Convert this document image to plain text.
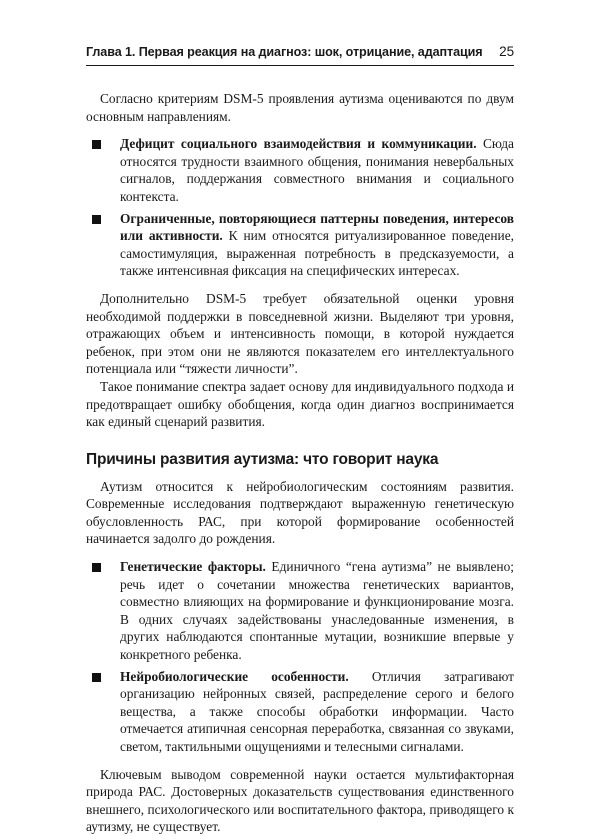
Глава 1. Первая реакция на диагноз: шок, отрицание, адаптация 25

Согласно критериям DSM-5 проявления аутизма оцениваются по двум основным направлениям.

Дефицит социального взаимодействия и коммуникации. Сюда относятся трудности взаимного общения, понимания невербальных сигналов, поддержания совместного внимания и социального контекста.
Ограниченные, повторяющиеся паттерны поведения, интересов или активности. К ним относятся ритуализированное поведение, самостимуляция, выраженная потребность в предсказуемости, а также интенсивная фиксация на специфических интересах.

Дополнительно DSM-5 требует обязательной оценки уровня необходимой поддержки в повседневной жизни. Выделяют три уровня, отражающих объем и интенсивность помощи, в которой нуждается ребенок, при этом они не являются показателем его интеллектуального потенциала или “тяжести личности”.

Такое понимание спектра задает основу для индивидуального подхода и предотвращает ошибку обобщения, когда один диагноз воспринимается как единый сценарий развития.

Причины развития аутизма: что говорит наука

Аутизм относится к нейробиологическим состояниям развития. Современные исследования подтверждают выраженную генетическую обусловленность РАС, при которой формирование особенностей начинается задолго до рождения.

Генетические факторы. Единичного “гена аутизма” не выявлено; речь идет о сочетании множества генетических вариантов, совместно влияющих на формирование и функционирование мозга. В одних случаях задействованы унаследованные изменения, в других наблюдаются спонтанные мутации, возникшие впервые у конкретного ребенка.
Нейробиологические особенности. Отличия затрагивают организацию нейронных связей, распределение серого и белого вещества, а также способы обработки информации. Часто отмечается атипичная сенсорная переработка, связанная со звуками, светом, тактильными ощущениями и телесными сигналами.

Ключевым выводом современной науки остается мультифакторная природа РАС. Достоверных доказательств существования единственного внешнего, психологического или воспитательного фактора, приводящего к аутизму, не существует.
